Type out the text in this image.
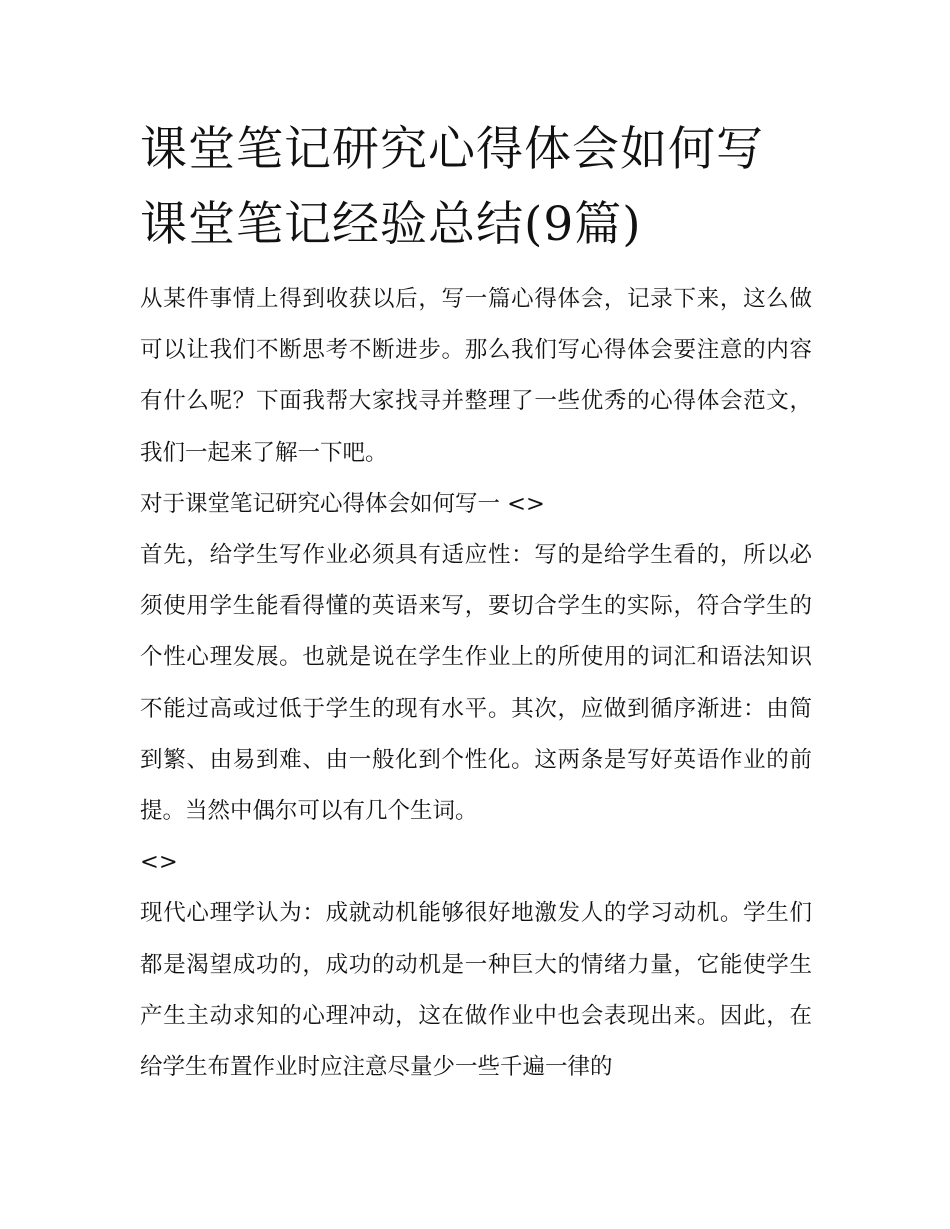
课堂笔记研究心得体会如何写
课堂笔记经验总结(9篇)

从某件事情上得到收获以后，写一篇心得体会，记录下来，这么做可以让我们不断思考不断进步。那么我们写心得体会要注意的内容有什么呢？下面我帮大家找寻并整理了一些优秀的心得体会范文，我们一起来了解一下吧。

对于课堂笔记研究心得体会如何写一 <>

首先，给学生写作业必须具有适应性：写的是给学生看的，所以必须使用学生能看得懂的英语来写，要切合学生的实际，符合学生的个性心理发展。也就是说在学生作业上的所使用的词汇和语法知识不能过高或过低于学生的现有水平。其次，应做到循序渐进：由简到繁、由易到难、由一般化到个性化。这两条是写好英语作业的前提。当然中偶尔可以有几个生词。

<>

现代心理学认为：成就动机能够很好地激发人的学习动机。学生们都是渴望成功的，成功的动机是一种巨大的情绪力量，它能使学生产生主动求知的心理冲动，这在做作业中也会表现出来。因此，在给学生布置作业时应注意尽量少一些千遍一律的
